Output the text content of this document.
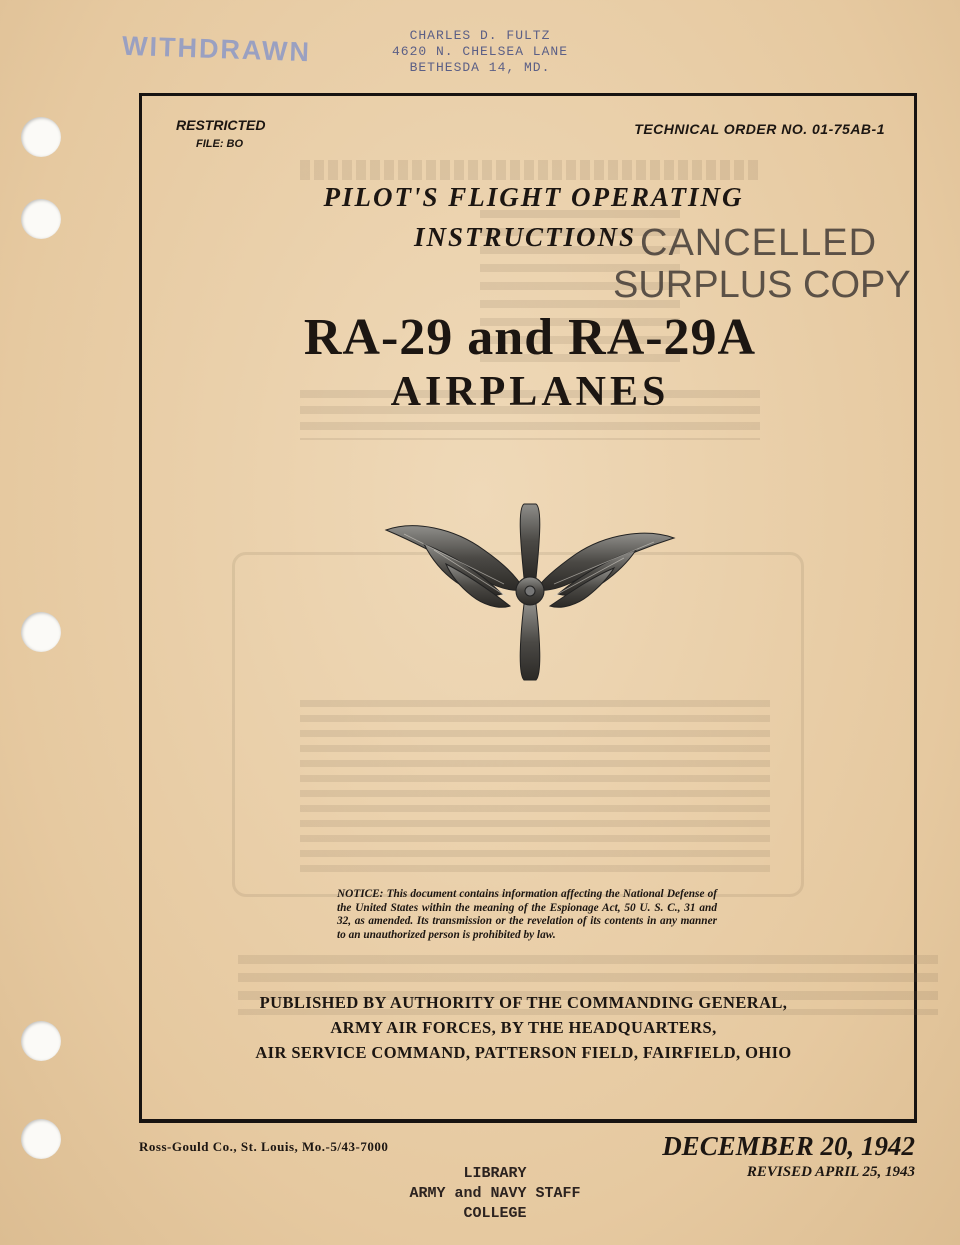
WITHDRAWN	CHARLES D. FULTZ
4620 N. CHELSEA LANE
BETHESDA 14, MD.
RESTRICTED
FILE: BO
TECHNICAL ORDER NO. 01-75AB-1
PILOT'S FLIGHT OPERATING
INSTRUCTIONS CANCELLED
SURPLUS COPY
RA-29 and RA-29A
AIRPLANES
NOTICE: This document contains information affecting the National Defense of the United States within the meaning of the Espionage Act, 50 U. S. C., 31 and 32, as amended. Its transmission or the revelation of its contents in any manner to an unauthorized person is prohibited by law.
PUBLISHED BY AUTHORITY OF THE COMMANDING GENERAL,
ARMY AIR FORCES, BY THE HEADQUARTERS,
AIR SERVICE COMMAND, PATTERSON FIELD, FAIRFIELD, OHIO
Ross-Gould Co., St. Louis, Mo.-5/43-7000	DECEMBER 20, 1942
REVISED APRIL 25, 1943
LIBRARY
ARMY and NAVY STAFF
COLLEGE
